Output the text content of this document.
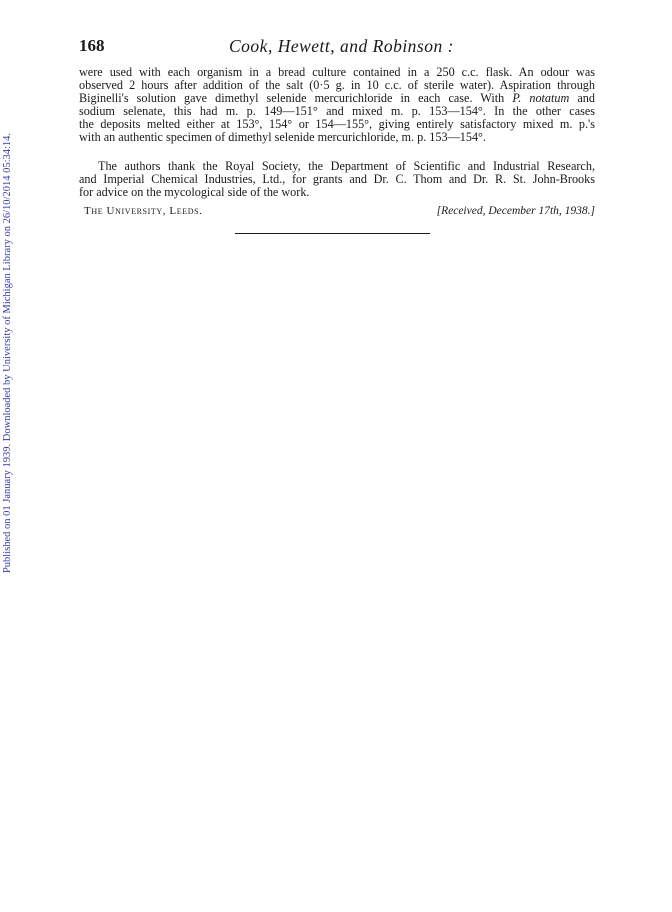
Published on 01 January 1939. Downloaded by University of Michigan Library on 26/10/2014 05:34:14.
168	Cook, Hewett, and Robinson :
were used with each organism in a bread culture contained in a 250 c.c. flask. An odour was
observed 2 hours after addition of the salt (0·5 g. in 10 c.c. of sterile water). Aspiration through
Biginelli's solution gave dimethyl selenide mercurichloride in each case. With P. notatum and
sodium selenate, this had m. p. 149—151° and mixed m. p. 153—154°. In the other cases
the deposits melted either at 153°, 154° or 154—155°, giving entirely satisfactory mixed m. p.'s
with an authentic specimen of dimethyl selenide mercurichloride, m. p. 153—154°.
The authors thank the Royal Society, the Department of Scientific and Industrial Research,
and Imperial Chemical Industries, Ltd., for grants and Dr. C. Thom and Dr. R. St. John-Brooks
for advice on the mycological side of the work.
The University, Leeds.	[Received, December 17th, 1938.]
